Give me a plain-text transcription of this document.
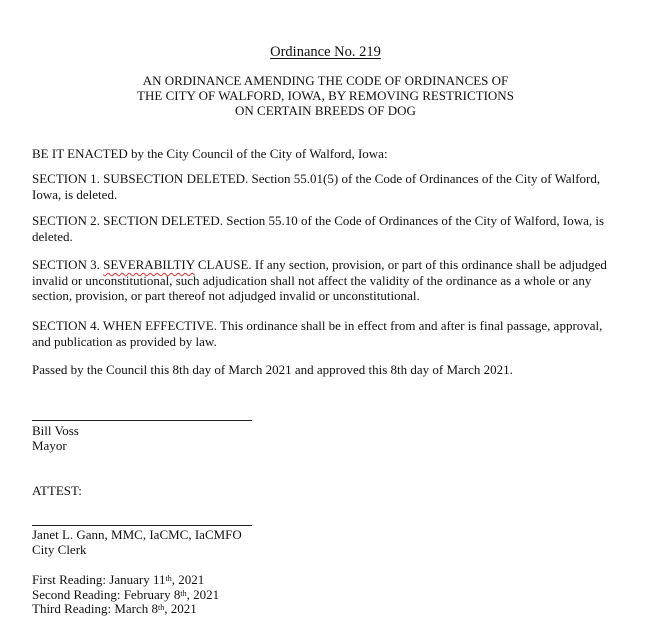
Ordinance No. 219
AN ORDINANCE AMENDING THE CODE OF ORDINANCES OF
THE CITY OF WALFORD, IOWA, BY REMOVING RESTRICTIONS
ON CERTAIN BREEDS OF DOG
BE IT ENACTED by the City Council of the City of Walford, Iowa:
SECTION 1. SUBSECTION DELETED. Section 55.01(5) of the Code of Ordinances of the City of Walford, Iowa, is deleted.
SECTION 2. SECTION DELETED. Section 55.10 of the Code of Ordinances of the City of Walford, Iowa, is deleted.
SECTION 3. SEVERABILTIY CLAUSE. If any section, provision, or part of this ordinance shall be adjudged invalid or unconstitutional, such adjudication shall not affect the validity of the ordinance as a whole or any section, provision, or part thereof not adjudged invalid or unconstitutional.
SECTION 4. WHEN EFFECTIVE. This ordinance shall be in effect from and after is final passage, approval, and publication as provided by law.
Passed by the Council this 8th day of March 2021 and approved this 8th day of March 2021.
Bill Voss
Mayor
ATTEST:
Janet L. Gann, MMC, IaCMC, IaCMFO
City Clerk
First Reading: January 11th, 2021
Second Reading: February 8th, 2021
Third Reading: March 8th, 2021
